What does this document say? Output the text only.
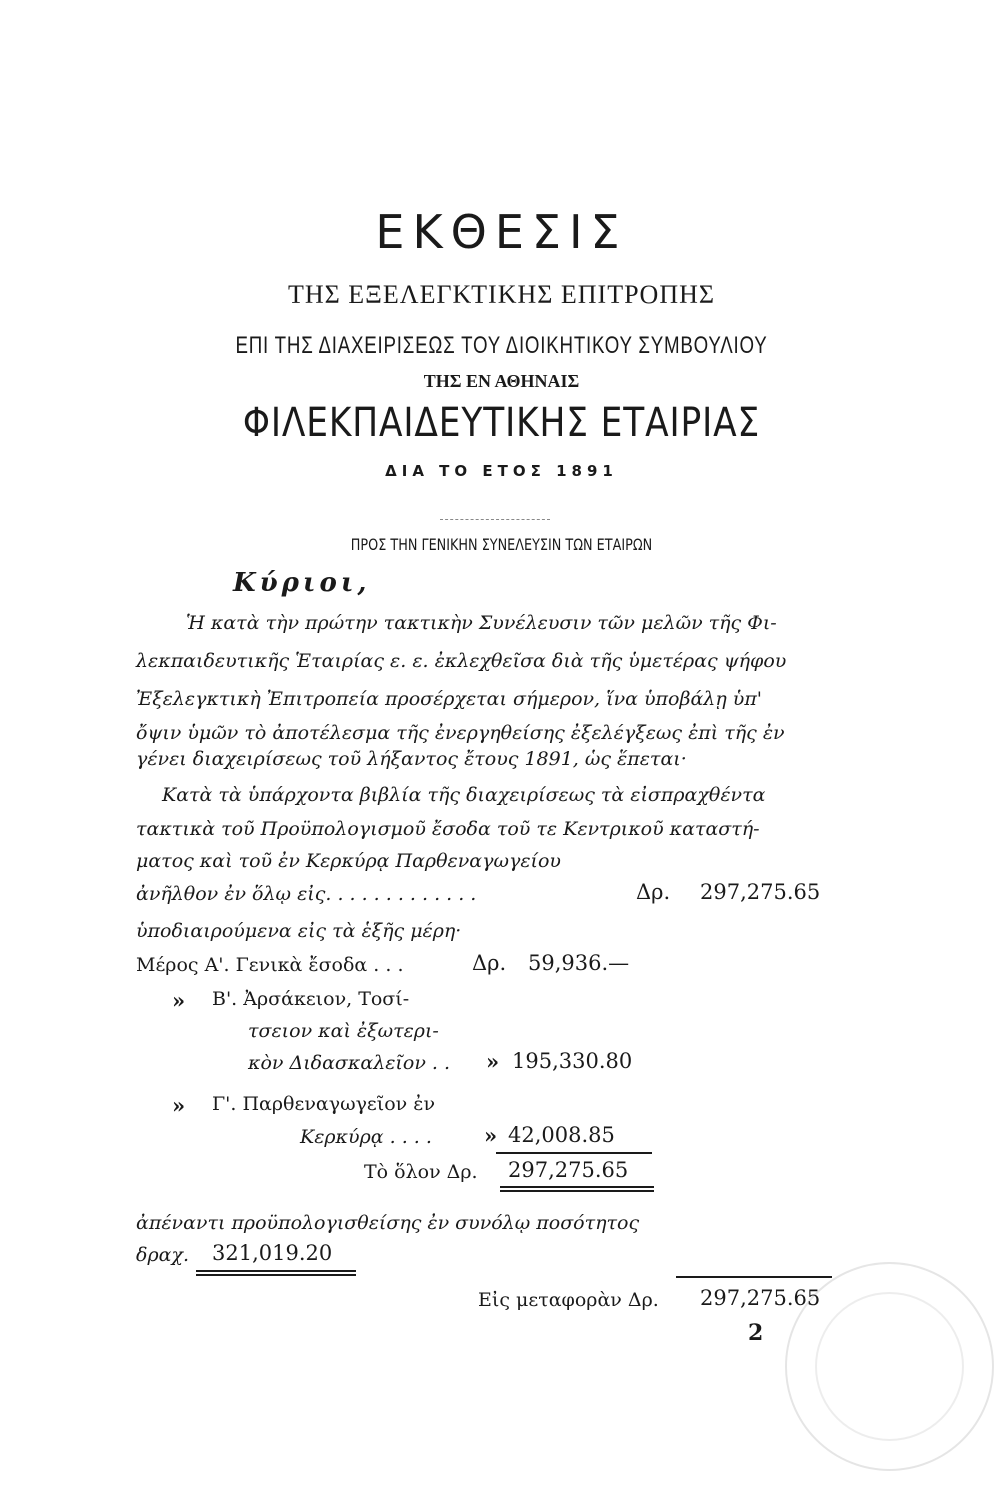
ΕΚΘΕΣΙΣ
ΤΗΣ ΕΞΕΛΕΓΚΤΙΚΗΣ ΕΠΙΤΡΟΠΗΣ
ΕΠΙ ΤΗΣ ΔΙΑΧΕΙΡΙΣΕΩΣ ΤΟΥ ΔΙΟΙΚΗΤΙΚΟΥ ΣΥΜΒΟΥΛΙΟΥ
ΤΗΣ ΕΝ ΑΘΗΝΑΙΣ
ΦΙΛΕΚΠΑΙΔΕΥΤΙΚΗΣ ΕΤΑΙΡΙΑΣ
ΔΙΑ ΤΟ ΕΤΟΣ 1891
ΠΡΟΣ ΤΗΝ ΓΕΝΙΚΗΝ ΣΥΝΕΛΕΥΣΙΝ ΤΩΝ ΕΤΑΙΡΩΝ
Κύριοι,
Ἡ κατὰ τὴν πρώτην τακτικὴν Συνέλευσιν τῶν μελῶν τῆς Φι-
λεκπαιδευτικῆς Ἑταιρίας ε. ε. ἐκλεχθεῖσα διὰ τῆς ὑμετέρας ψήφου
Ἐξελεγκτικὴ Ἐπιτροπεία προσέρχεται σήμερον, ἵνα ὑποβάλῃ ὑπ'
ὄψιν ὑμῶν τὸ ἀποτέλεσμα τῆς ἐνεργηθείσης ἐξελέγξεως ἐπὶ τῆς ἐν
γένει διαχειρίσεως τοῦ λήξαντος ἔτους 1891, ὡς ἕπεται·
Κατὰ τὰ ὑπάρχοντα βιβλία τῆς διαχειρίσεως τὰ εἰσπραχθέντα
τακτικὰ τοῦ Προϋπολογισμοῦ ἔσοδα τοῦ τε Κεντρικοῦ καταστή-
ματος καὶ τοῦ ἐν Κερκύρᾳ Παρθεναγωγείου
ἀνῆλθον ἐν ὅλῳ εἰς. . . . . . . . . . . . .	Δρ. 297,275.65
ὑποδιαιρούμενα εἰς τὰ ἑξῆς μέρη·
Μέρος Α'. Γενικὰ ἔσοδα . . .	Δρ. 59,936.—
» Β'. Ἀρσάκειον, Τοσί-
τσειον καὶ ἐξωτερι-
κὸν Διδασκαλεῖον . . » 195,330.80
» Γ'. Παρθεναγωγεῖον ἐν
Κερκύρᾳ . . . . » 42,008.85
Τὸ ὅλον Δρ. 297,275.65
ἀπέναντι προϋπολογισθείσης ἐν συνόλῳ ποσότητος
δραχ. 321,019.20
Εἰς μεταφορὰν Δρ. 297,275.65
2
